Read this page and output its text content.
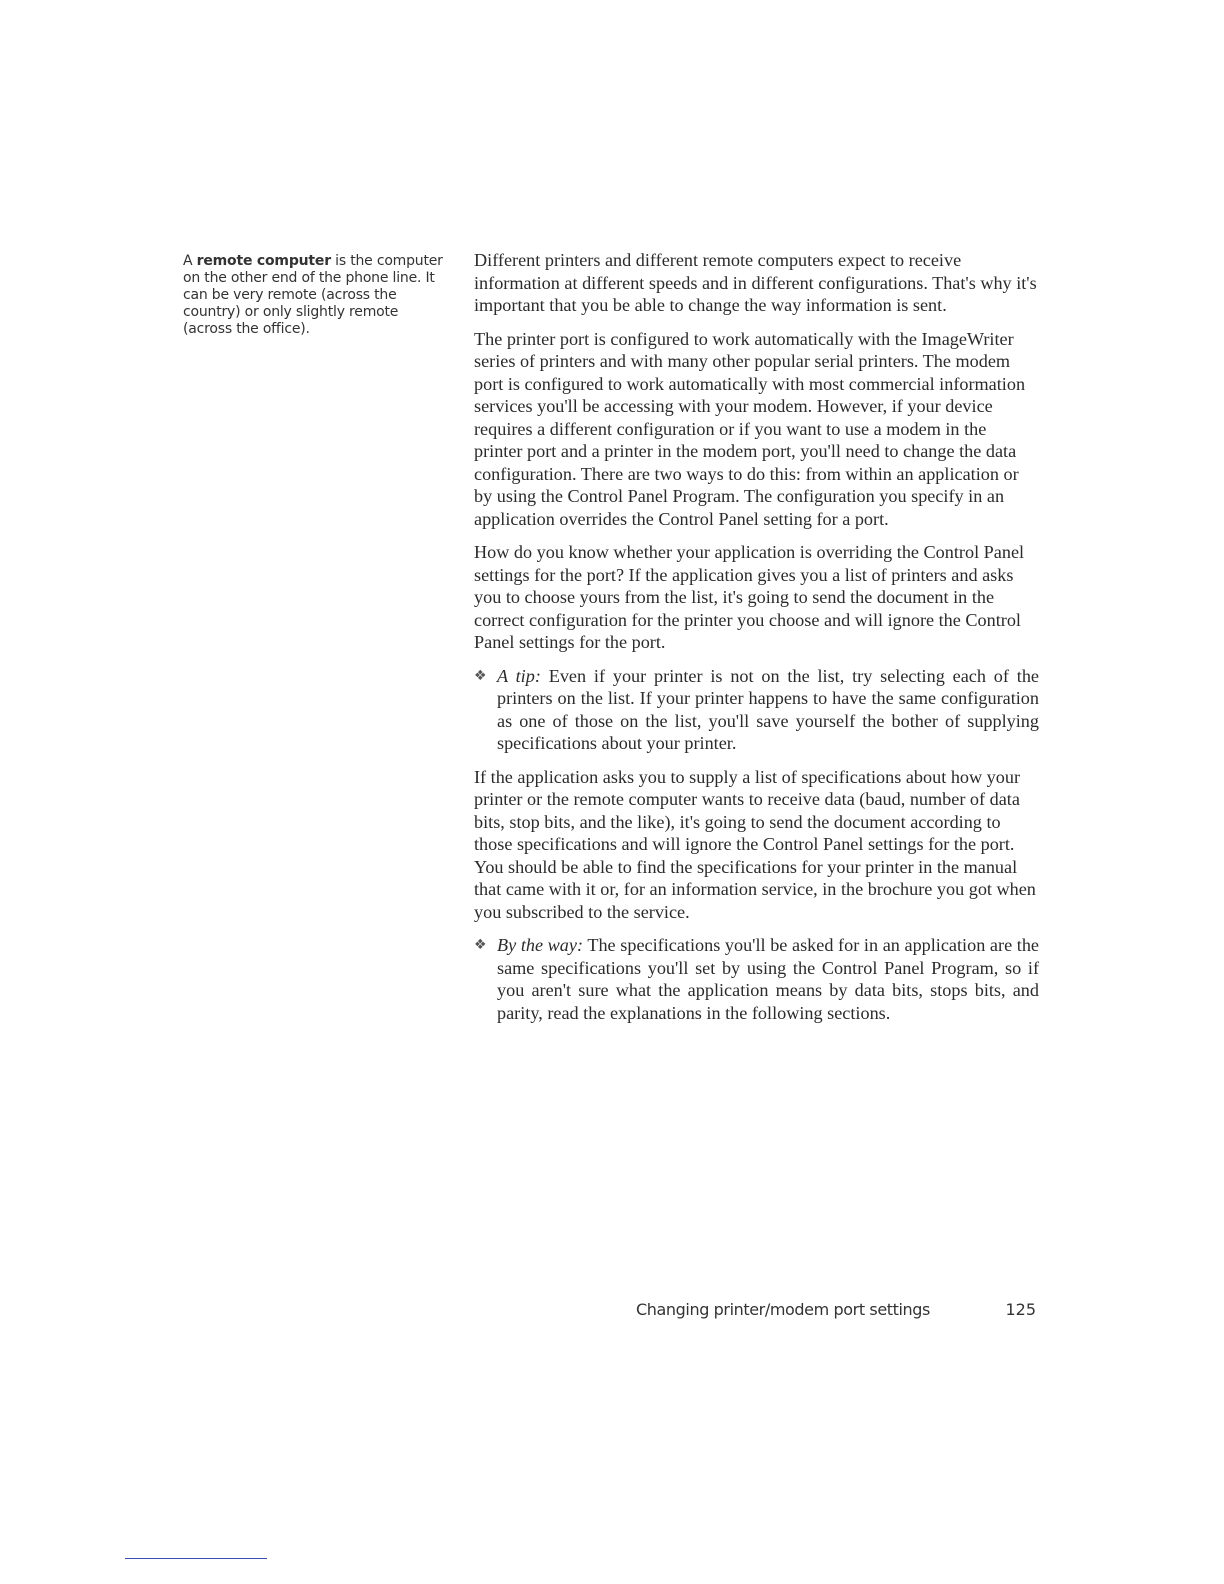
A remote computer is the computer on the other end of the phone line. It can be very remote (across the country) or only slightly remote (across the office).

Different printers and different remote computers expect to receive information at different speeds and in different configurations. That's why it's important that you be able to change the way information is sent.

The printer port is configured to work automatically with the ImageWriter series of printers and with many other popular serial printers. The modem port is configured to work automatically with most commercial information services you'll be accessing with your modem. However, if your device requires a different configuration or if you want to use a modem in the printer port and a printer in the modem port, you'll need to change the data configuration. There are two ways to do this: from within an application or by using the Control Panel Program. The configuration you specify in an application overrides the Control Panel setting for a port.

How do you know whether your application is overriding the Control Panel settings for the port? If the application gives you a list of printers and asks you to choose yours from the list, it's going to send the document in the correct configuration for the printer you choose and will ignore the Control Panel settings for the port.

❖ A tip: Even if your printer is not on the list, try selecting each of the printers on the list. If your printer happens to have the same configuration as one of those on the list, you'll save yourself the bother of supplying specifications about your printer.

If the application asks you to supply a list of specifications about how your printer or the remote computer wants to receive data (baud, number of data bits, stop bits, and the like), it's going to send the document according to those specifications and will ignore the Control Panel settings for the port. You should be able to find the specifications for your printer in the manual that came with it or, for an information service, in the brochure you got when you subscribed to the service.

❖ By the way: The specifications you'll be asked for in an application are the same specifications you'll set by using the Control Panel Program, so if you aren't sure what the application means by data bits, stops bits, and parity, read the explanations in the following sections.
Changing printer/modem port settings	125
